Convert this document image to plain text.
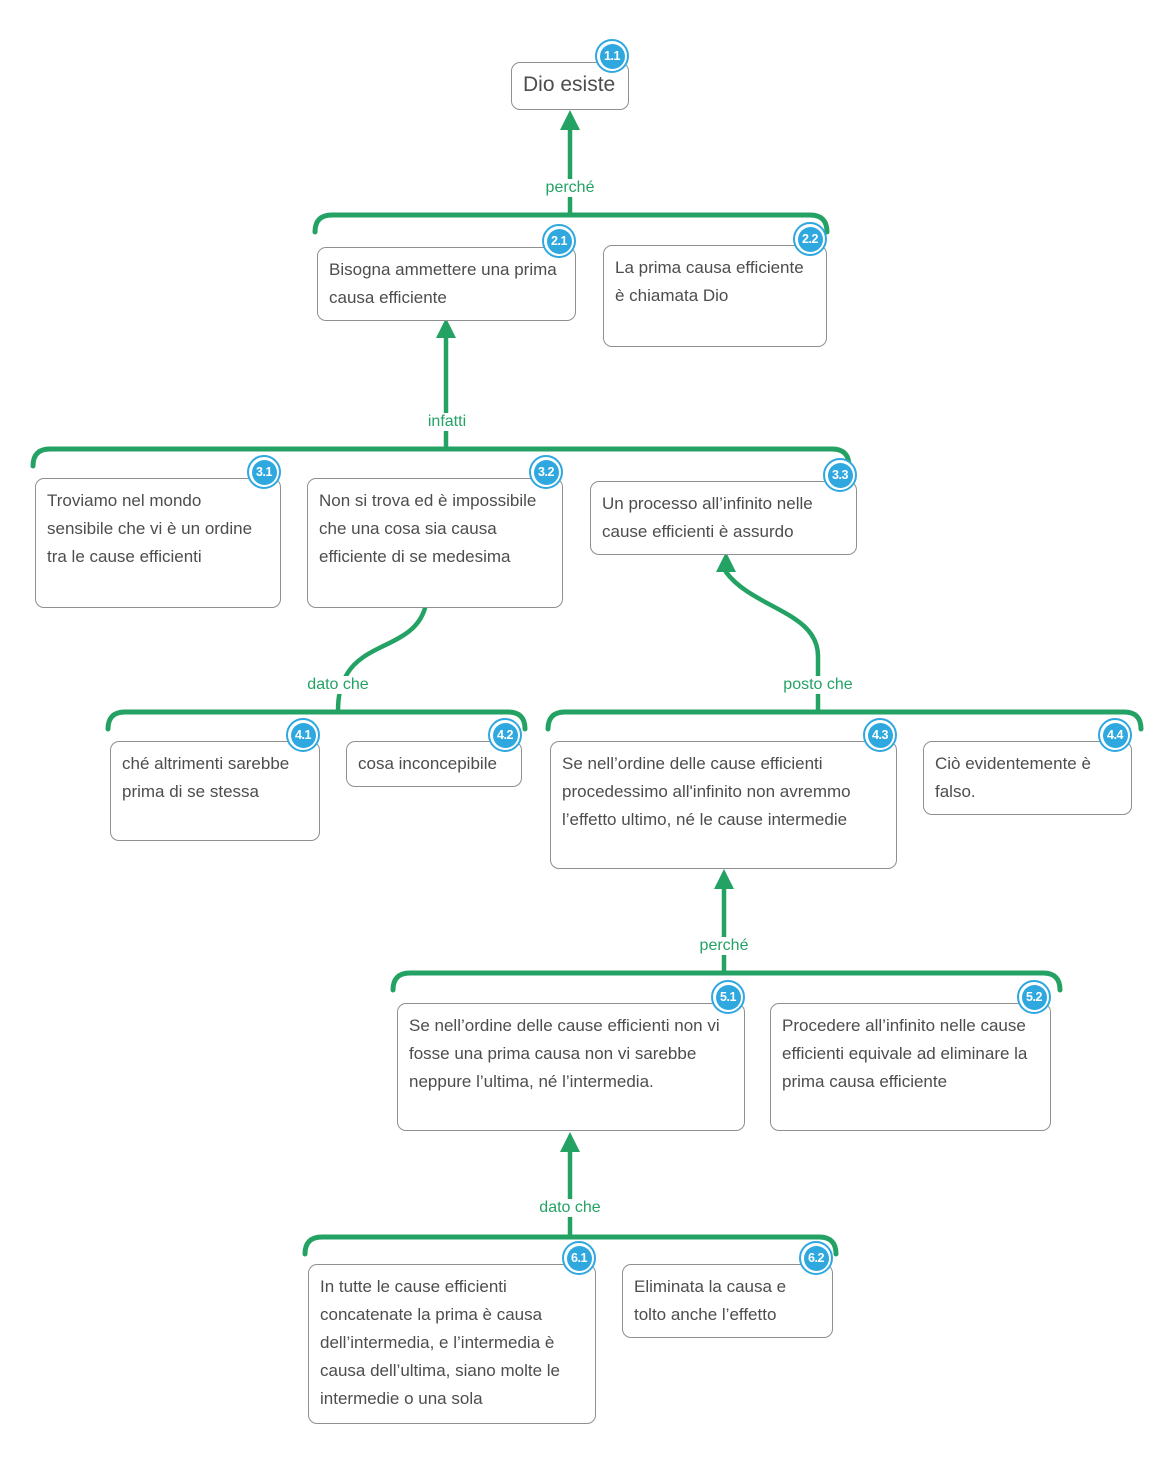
perché
infatti
dato che	posto che
perché
dato che
1.1
Dio esiste
2.1
Bisogna ammettere una prima causa efficiente
2.2
La prima causa efficiente è chiamata Dio
3.1
Troviamo nel mondo sensibile che vi è un ordine tra le cause efficienti
3.2
Non si trova ed è impossibile che una cosa sia causa efficiente di se medesima
3.3
Un processo all’infinito nelle cause efficienti è assurdo
4.1
ché altrimenti sarebbe prima di se stessa
4.2
cosa inconcepibile
4.3
Se nell’ordine delle cause efficienti procedessimo all'infinito non avremmo l’effetto ultimo, né le cause intermedie
4.4
Ciò evidentemente è falso.
5.1
Se nell’ordine delle cause efficienti non vi fosse una prima causa non vi sarebbe neppure l’ultima, né l’intermedia.
5.2
Procedere all’infinito nelle cause efficienti equivale ad eliminare la prima causa efficiente
6.1
In tutte le cause efficienti concatenate la prima è causa dell’intermedia, e l’intermedia è causa dell’ultima, siano molte le intermedie o una sola
6.2
Eliminata la causa e tolto anche l’effetto
